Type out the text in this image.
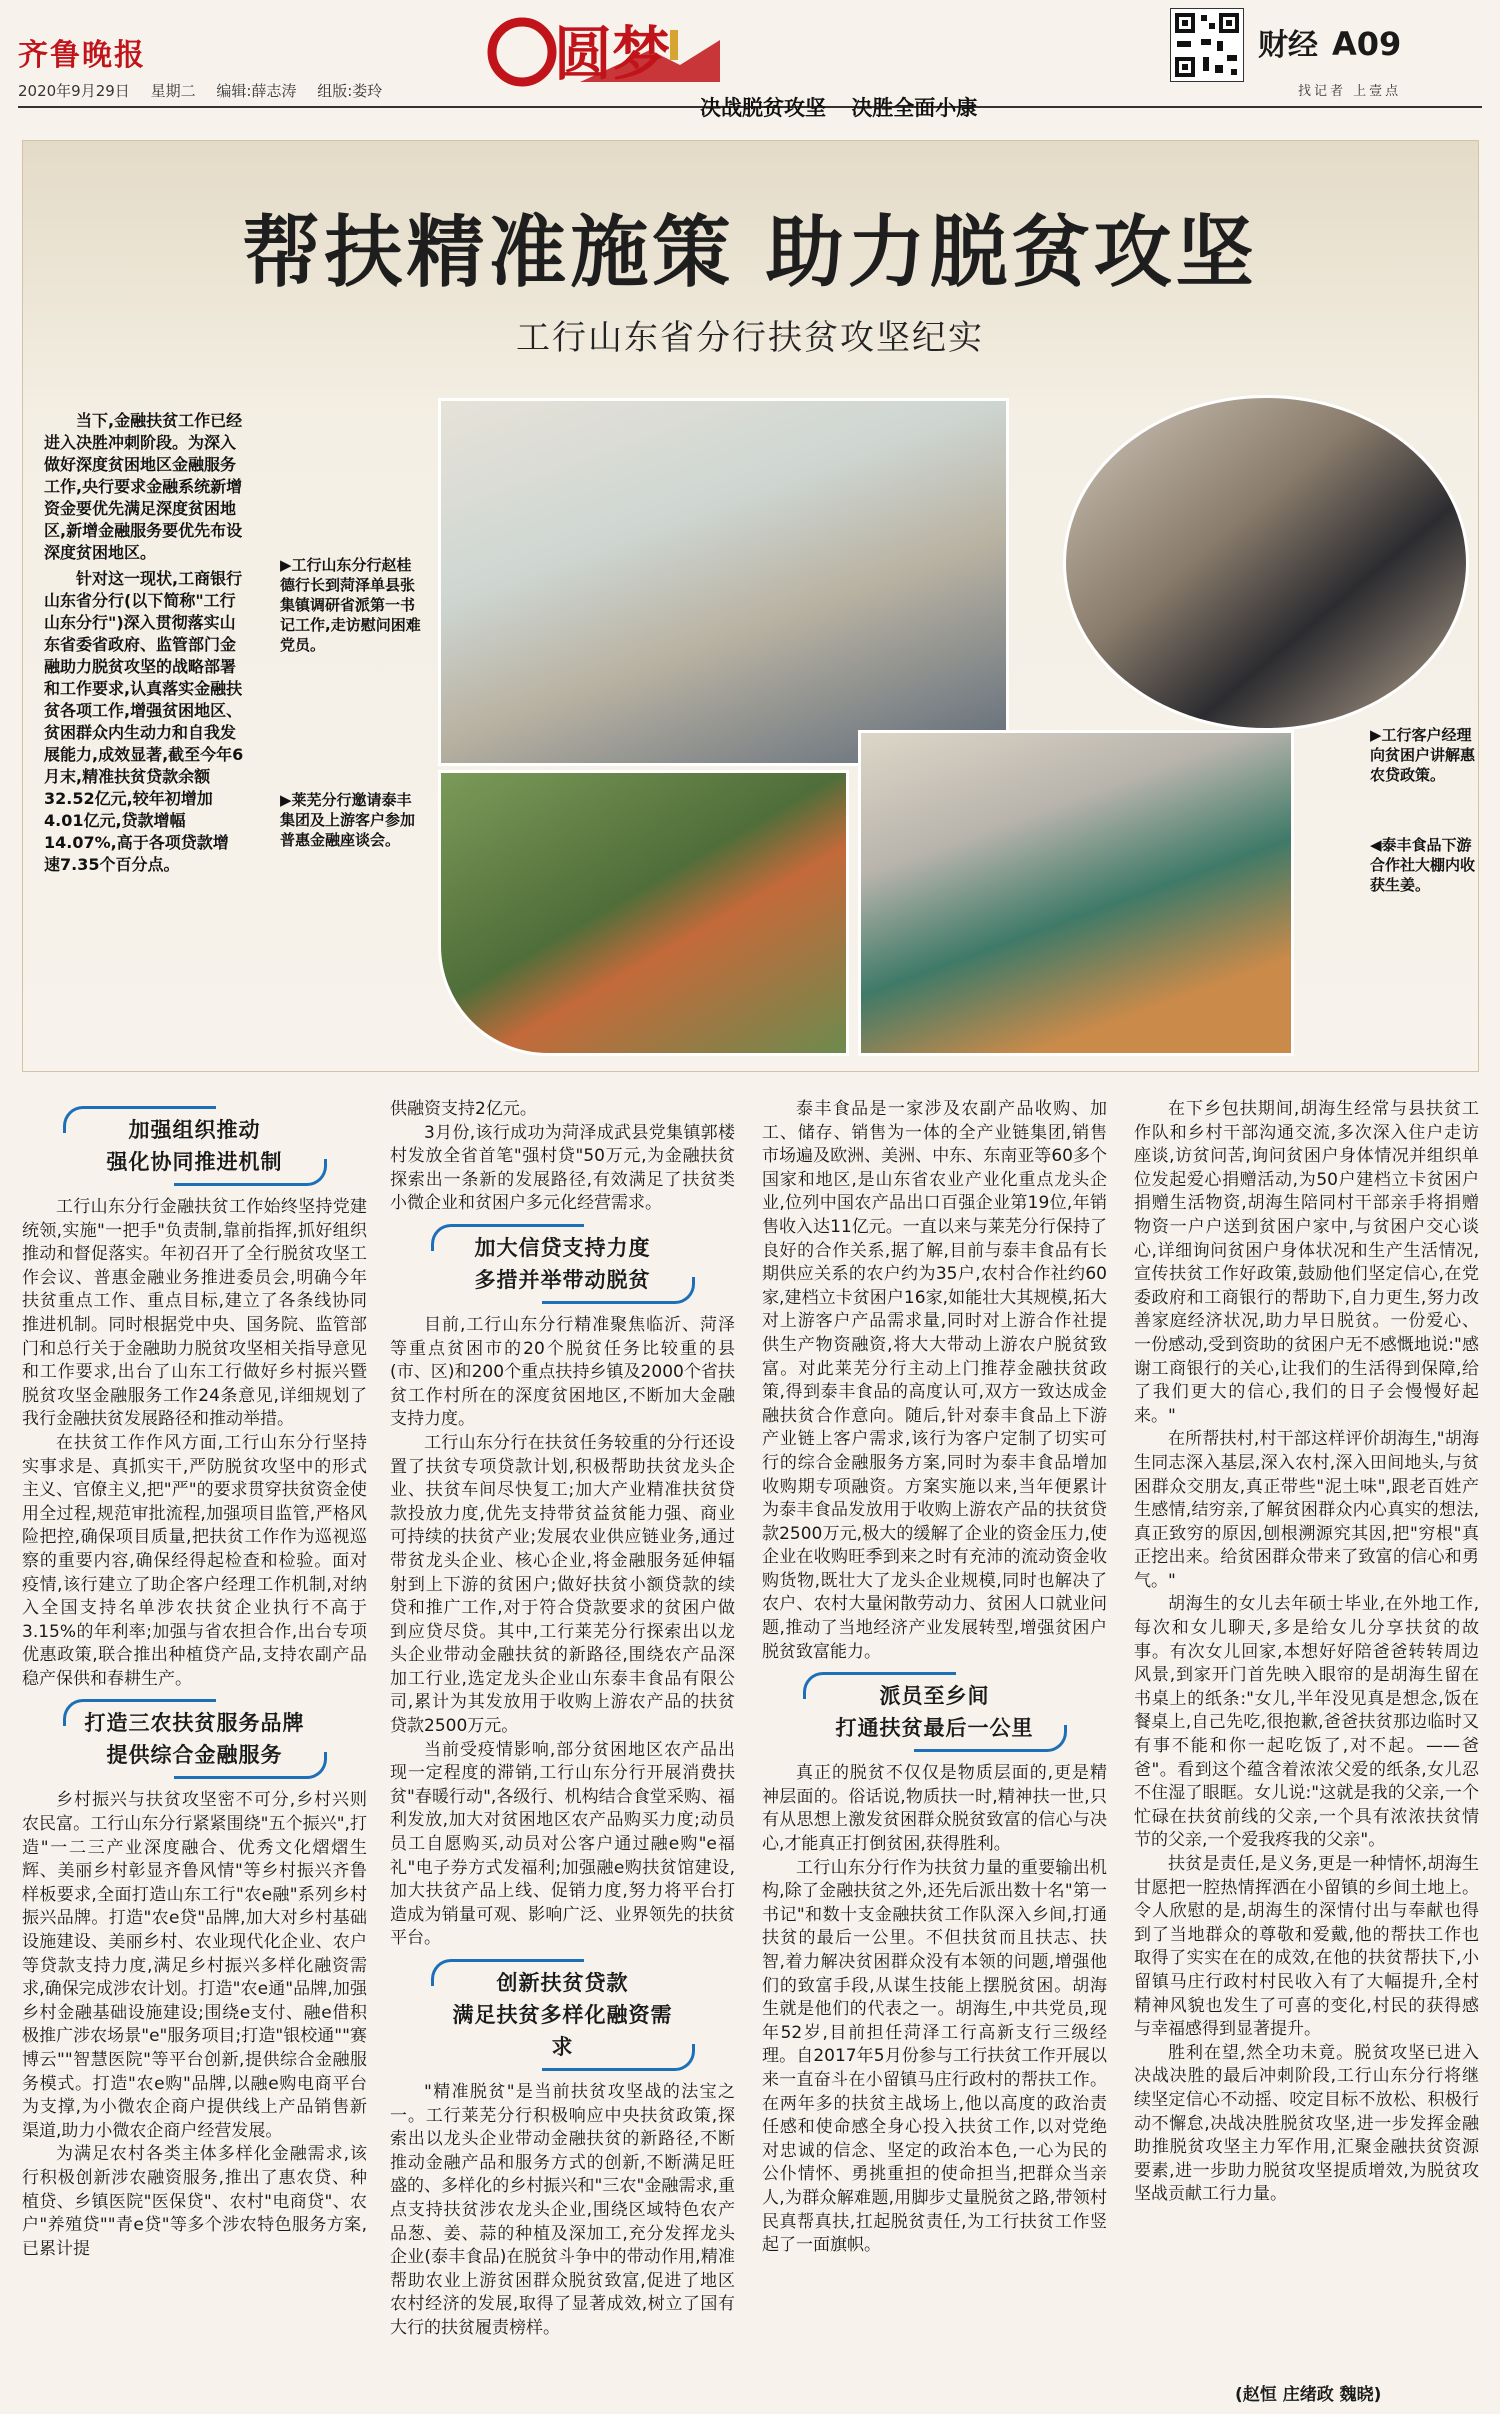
齐鲁晚报
2020年9月29日 星期二 编辑:薛志涛 组版:娄玲
圆梦
决战脱贫攻坚 决胜全面小康
财经 A09
找记者 上壹点
帮扶精准施策 助力脱贫攻坚
工行山东省分行扶贫攻坚纪实

当下,金融扶贫工作已经进入决胜冲刺阶段。为深入做好深度贫困地区金融服务工作,央行要求金融系统新增资金要优先满足深度贫困地区,新增金融服务要优先布设深度贫困地区。

针对这一现状,工商银行山东省分行(以下简称"工行山东分行")深入贯彻落实山东省委省政府、监管部门金融助力脱贫攻坚的战略部署和工作要求,认真落实金融扶贫各项工作,增强贫困地区、贫困群众内生动力和自我发展能力,成效显著,截至今年6月末,精准扶贫贷款余额32.52亿元,较年初增加4.01亿元,贷款增幅14.07%,高于各项贷款增速7.35个百分点。

▶工行山东分行赵桂德行长到菏泽单县张集镇调研省派第一书记工作,走访慰问困难党员。
▶莱芜分行邀请泰丰集团及上游客户参加普惠金融座谈会。
▶工行客户经理向贫困户讲解惠农贷政策。
◀泰丰食品下游合作社大棚内收获生姜。
加强组织推动
强化协同推进机制

工行山东分行金融扶贫工作始终坚持党建统领,实施"一把手"负责制,靠前指挥,抓好组织推动和督促落实。年初召开了全行脱贫攻坚工作会议、普惠金融业务推进委员会,明确今年扶贫重点工作、重点目标,建立了各条线协同推进机制。同时根据党中央、国务院、监管部门和总行关于金融助力脱贫攻坚相关指导意见和工作要求,出台了山东工行做好乡村振兴暨脱贫攻坚金融服务工作24条意见,详细规划了我行金融扶贫发展路径和推动举措。

在扶贫工作作风方面,工行山东分行坚持实事求是、真抓实干,严防脱贫攻坚中的形式主义、官僚主义,把"严"的要求贯穿扶贫资金使用全过程,规范审批流程,加强项目监管,严格风险把控,确保项目质量,把扶贫工作作为巡视巡察的重要内容,确保经得起检查和检验。面对疫情,该行建立了助企客户经理工作机制,对纳入全国支持名单涉农扶贫企业执行不高于3.15%的年利率;加强与省农担合作,出台专项优惠政策,联合推出种植贷产品,支持农副产品稳产保供和春耕生产。

打造三农扶贫服务品牌
提供综合金融服务

乡村振兴与扶贫攻坚密不可分,乡村兴则农民富。工行山东分行紧紧围绕"五个振兴",打造"一二三产业深度融合、优秀文化熠熠生辉、美丽乡村彰显齐鲁风情"等乡村振兴齐鲁样板要求,全面打造山东工行"农e融"系列乡村振兴品牌。打造"农e贷"品牌,加大对乡村基础设施建设、美丽乡村、农业现代化企业、农户等贷款支持力度,满足乡村振兴多样化融资需求,确保完成涉农计划。打造"农e通"品牌,加强乡村金融基础设施建设;围绕e支付、融e借积极推广涉农场景"e"服务项目;打造"银校通""赛博云""智慧医院"等平台创新,提供综合金融服务模式。打造"农e购"品牌,以融e购电商平台为支撑,为小微农企商户提供线上产品销售新渠道,助力小微农企商户经营发展。

为满足农村各类主体多样化金融需求,该行积极创新涉农融资服务,推出了惠农贷、种植贷、乡镇医院"医保贷"、农村"电商贷"、农户"养殖贷""青e贷"等多个涉农特色服务方案,已累计提

供融资支持2亿元。

3月份,该行成功为菏泽成武县党集镇郭楼村发放全省首笔"强村贷"50万元,为金融扶贫探索出一条新的发展路径,有效满足了扶贫类小微企业和贫困户多元化经营需求。

加大信贷支持力度
多措并举带动脱贫

目前,工行山东分行精准聚焦临沂、菏泽等重点贫困市的20个脱贫任务比较重的县(市、区)和200个重点扶持乡镇及2000个省扶贫工作村所在的深度贫困地区,不断加大金融支持力度。

工行山东分行在扶贫任务较重的分行还设置了扶贫专项贷款计划,积极帮助扶贫龙头企业、扶贫车间尽快复工;加大产业精准扶贫贷款投放力度,优先支持带贫益贫能力强、商业可持续的扶贫产业;发展农业供应链业务,通过带贫龙头企业、核心企业,将金融服务延伸辐射到上下游的贫困户;做好扶贫小额贷款的续贷和推广工作,对于符合贷款要求的贫困户做到应贷尽贷。其中,工行莱芜分行探索出以龙头企业带动金融扶贫的新路径,围绕农产品深加工行业,选定龙头企业山东泰丰食品有限公司,累计为其发放用于收购上游农产品的扶贫贷款2500万元。

当前受疫情影响,部分贫困地区农产品出现一定程度的滞销,工行山东分行开展消费扶贫"春暖行动",各级行、机构结合食堂采购、福利发放,加大对贫困地区农产品购买力度;动员员工自愿购买,动员对公客户通过融e购"e福礼"电子券方式发福利;加强融e购扶贫馆建设,加大扶贫产品上线、促销力度,努力将平台打造成为销量可观、影响广泛、业界领先的扶贫平台。

创新扶贫贷款
满足扶贫多样化融资需求

"精准脱贫"是当前扶贫攻坚战的法宝之一。工行莱芜分行积极响应中央扶贫政策,探索出以龙头企业带动金融扶贫的新路径,不断推动金融产品和服务方式的创新,不断满足旺盛的、多样化的乡村振兴和"三农"金融需求,重点支持扶贫涉农龙头企业,围绕区域特色农产品葱、姜、蒜的种植及深加工,充分发挥龙头企业(泰丰食品)在脱贫斗争中的带动作用,精准帮助农业上游贫困群众脱贫致富,促进了地区农村经济的发展,取得了显著成效,树立了国有大行的扶贫履责榜样。

泰丰食品是一家涉及农副产品收购、加工、储存、销售为一体的全产业链集团,销售市场遍及欧洲、美洲、中东、东南亚等60多个国家和地区,是山东省农业产业化重点龙头企业,位列中国农产品出口百强企业第19位,年销售收入达11亿元。一直以来与莱芜分行保持了良好的合作关系,据了解,目前与泰丰食品有长期供应关系的农户约为35户,农村合作社约60家,建档立卡贫困户16家,如能壮大其规模,拓大对上游客户产品需求量,同时对上游合作社提供生产物资融资,将大大带动上游农户脱贫致富。对此莱芜分行主动上门推荐金融扶贫政策,得到泰丰食品的高度认可,双方一致达成金融扶贫合作意向。随后,针对泰丰食品上下游产业链上客户需求,该行为客户定制了切实可行的综合金融服务方案,同时为泰丰食品增加收购期专项融资。方案实施以来,当年便累计为泰丰食品发放用于收购上游农产品的扶贫贷款2500万元,极大的缓解了企业的资金压力,使企业在收购旺季到来之时有充沛的流动资金收购货物,既壮大了龙头企业规模,同时也解决了农户、农村大量闲散劳动力、贫困人口就业问题,推动了当地经济产业发展转型,增强贫困户脱贫致富能力。

派员至乡间
打通扶贫最后一公里

真正的脱贫不仅仅是物质层面的,更是精神层面的。俗话说,物质扶一时,精神扶一世,只有从思想上激发贫困群众脱贫致富的信心与决心,才能真正打倒贫困,获得胜利。

工行山东分行作为扶贫力量的重要输出机构,除了金融扶贫之外,还先后派出数十名"第一书记"和数十支金融扶贫工作队深入乡间,打通扶贫的最后一公里。不但扶贫而且扶志、扶智,着力解决贫困群众没有本领的问题,增强他们的致富手段,从谋生技能上摆脱贫困。胡海生就是他们的代表之一。胡海生,中共党员,现年52岁,目前担任菏泽工行高新支行三级经理。自2017年5月份参与工行扶贫工作开展以来一直奋斗在小留镇马庄行政村的帮扶工作。在两年多的扶贫主战场上,他以高度的政治责任感和使命感全身心投入扶贫工作,以对党绝对忠诚的信念、坚定的政治本色,一心为民的公仆情怀、勇挑重担的使命担当,把群众当亲人,为群众解难题,用脚步丈量脱贫之路,带领村民真帮真扶,扛起脱贫责任,为工行扶贫工作竖起了一面旗帜。

在下乡包扶期间,胡海生经常与县扶贫工作队和乡村干部沟通交流,多次深入住户走访座谈,访贫问苦,询问贫困户身体情况并组织单位发起爱心捐赠活动,为50户建档立卡贫困户捐赠生活物资,胡海生陪同村干部亲手将捐赠物资一户户送到贫困户家中,与贫困户交心谈心,详细询问贫困户身体状况和生产生活情况,宣传扶贫工作好政策,鼓励他们坚定信心,在党委政府和工商银行的帮助下,自力更生,努力改善家庭经济状况,助力早日脱贫。一份爱心、一份感动,受到资助的贫困户无不感慨地说:"感谢工商银行的关心,让我们的生活得到保障,给了我们更大的信心,我们的日子会慢慢好起来。"

在所帮扶村,村干部这样评价胡海生,"胡海生同志深入基层,深入农村,深入田间地头,与贫困群众交朋友,真正带些"泥土味",跟老百姓产生感情,结穷亲,了解贫困群众内心真实的想法,真正致穷的原因,刨根溯源究其因,把"穷根"真正挖出来。给贫困群众带来了致富的信心和勇气。"

胡海生的女儿去年硕士毕业,在外地工作,每次和女儿聊天,多是给女儿分享扶贫的故事。有次女儿回家,本想好好陪爸爸转转周边风景,到家开门首先映入眼帘的是胡海生留在书桌上的纸条:"女儿,半年没见真是想念,饭在餐桌上,自己先吃,很抱歉,爸爸扶贫那边临时又有事不能和你一起吃饭了,对不起。——爸爸"。看到这个蕴含着浓浓父爱的纸条,女儿忍不住湿了眼眶。女儿说:"这就是我的父亲,一个忙碌在扶贫前线的父亲,一个具有浓浓扶贫情节的父亲,一个爱我疼我的父亲"。

扶贫是责任,是义务,更是一种情怀,胡海生甘愿把一腔热情挥洒在小留镇的乡间土地上。令人欣慰的是,胡海生的深情付出与奉献也得到了当地群众的尊敬和爱戴,他的帮扶工作也取得了实实在在的成效,在他的扶贫帮扶下,小留镇马庄行政村村民收入有了大幅提升,全村精神风貌也发生了可喜的变化,村民的获得感与幸福感得到显著提升。

胜利在望,然全功未竟。脱贫攻坚已进入决战决胜的最后冲刺阶段,工行山东分行将继续坚定信心不动摇、咬定目标不放松、积极行动不懈怠,决战决胜脱贫攻坚,进一步发挥金融助推脱贫攻坚主力军作用,汇聚金融扶贫资源要素,进一步助力脱贫攻坚提质增效,为脱贫攻坚战贡献工行力量。

(赵恒 庄绪政 魏晓)
